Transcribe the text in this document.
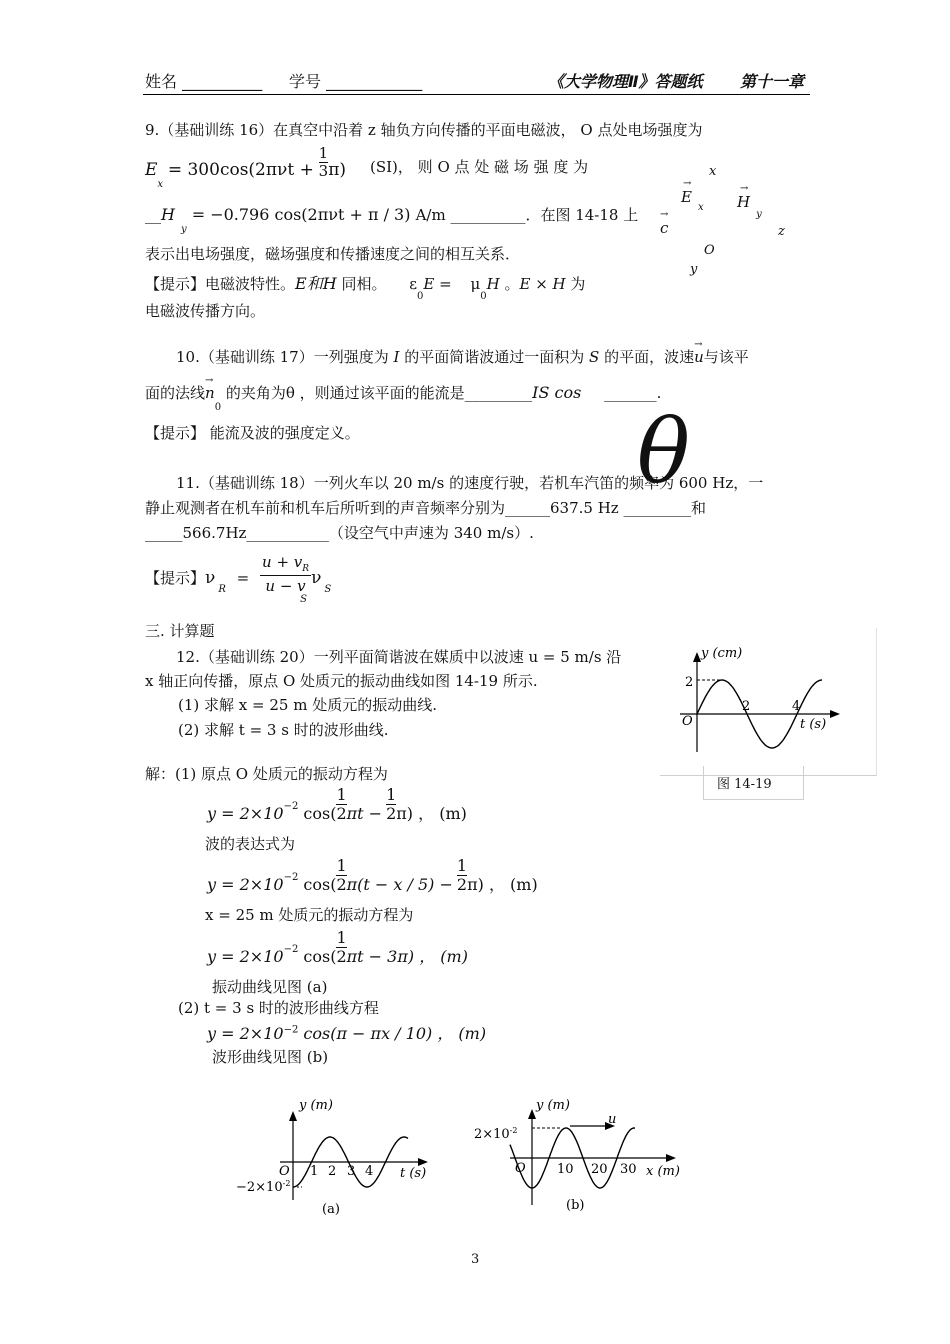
姓名 __________ 学号 ____________	《大学物理Ⅱ》答题纸 第十一章
9.（基础训练 16）在真空中沿着 z 轴负方向传播的平面电磁波， O 点处电场强度为
$E_x = 300\cos(2\pi\nu t + \frac{1}{3} \pi)$ (SI)， 则 O 点 处 磁 场 强 度 为
$\_\_H_y = -0.796$ cos(2πνt + π / 3) A/m __________．在图 14-18 上
表示出电场强度，磁场强度和传播速度之间的相互关系．
【提示】电磁波特性。E和H 同相。 $\varepsilon_0E = \mu_0H$ 。E × H 为
电磁波传播方向。
x
→
$E_x$
→
$H_y$
→
c	z
O
y
10.（基础训练 17）一列强度为 I 的平面简谐波通过一面积为 S 的平面，波速
→
u与该平
面的法线
→
$n_0$ 的夹角为θ ，则通过该平面的能流是_________IS cos _______.
【提示】 能流及波的强度定义。	θ
11.（基础训练 18）一列火车以 20 m/s 的速度行驶，若机车汽笛的频率为 600 Hz，一
静止观测者在机车前和机车后所听到的声音频率分别为______637.5 Hz _________和
_____566.7Hz___________（设空气中声速为 340 m/s）.
【提示】$\nu_R$ =
$u + v_R$
u − v
S
$\nu_S$
三. 计算题
12.（基础训练 20）一列平面简谐波在媒质中以波速 u = 5 m/s 沿
x 轴正向传播，原点 O 处质元的振动曲线如图 14-19 所示.
(1) 求解 x = 25 m 处质元的振动曲线.
(2) 求解 t = 3 s 时的波形曲线.
图 14-19
y (cm)
t (s)
O
2
2	4
解：(1) 原点 O 处质元的振动方程为
$y = 2\times 10^{-2}$ $\cos( \frac{1}{2}$ $\pi t - \frac{1}{2} \pi$) ， (m)
波的表达式为
$y = 2\times 10^{-2}$ $\cos( \frac{1}{2} \pi(t - x / 5) - \frac{1}{2} \pi)$ ， (m)
x = 25 m 处质元的振动方程为
$y = 2\times 10^{-2}$ $\cos( \frac{1}{2}$ πt − 3π) ， (m)
振动曲线见图 (a)
(2) t = 3 s 时的波形曲线方程
$y = 2\times 10^{-2}$ cos(π − πx / 10) ， (m)
波形曲线见图 (b)
y (m)
t (s)
O 1 2 3 4
$-2\times 10^{-2}$
(a)
u
y (m)
x (m)
O 10 20 30
$2\times 10^{-2}$
(b)
3
